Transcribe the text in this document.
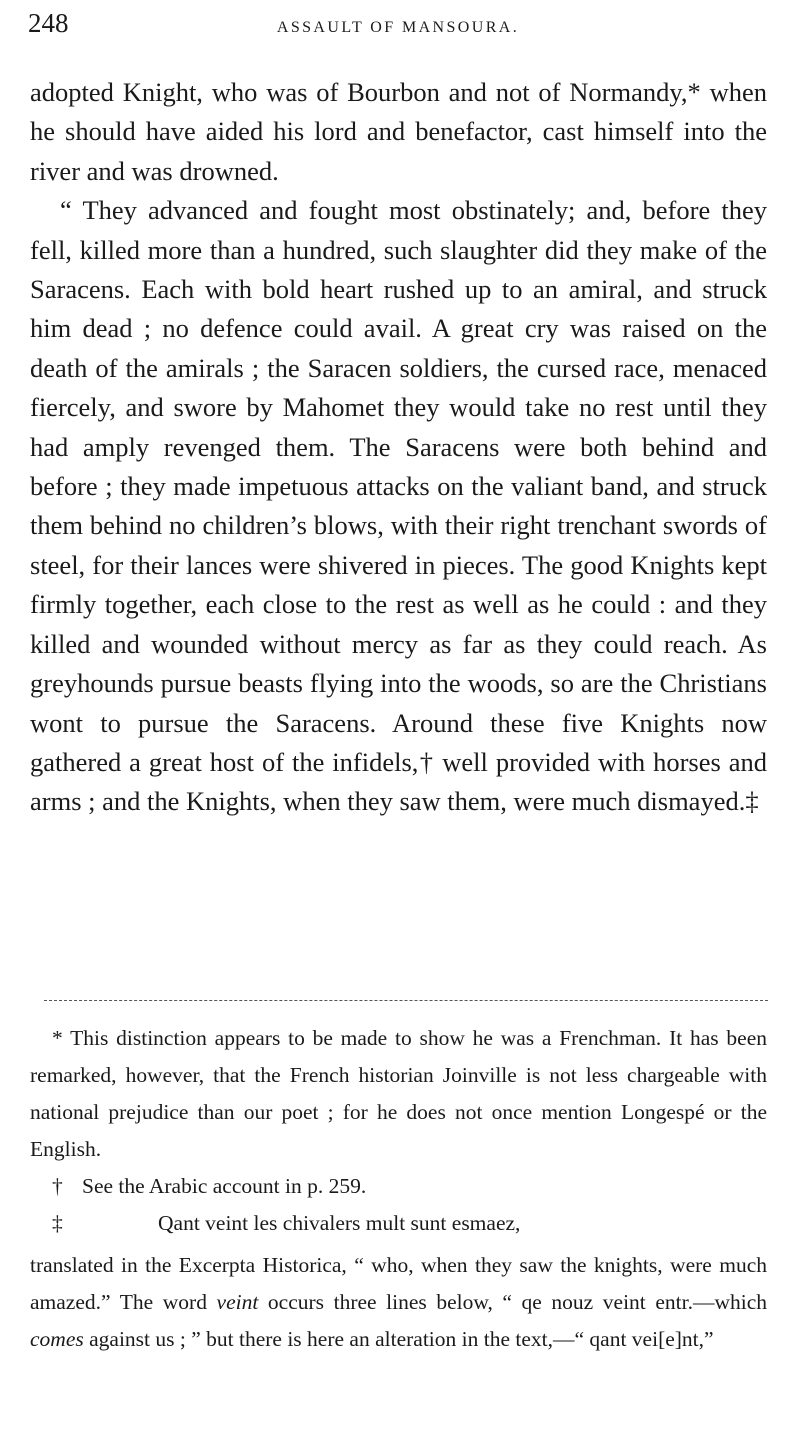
248	ASSAULT OF MANSOURA.

adopted Knight, who was of Bourbon and not of Normandy,* when he should have aided his lord and benefactor, cast himself into the river and was drowned.

“ They advanced and fought most obstinately; and, before they fell, killed more than a hundred, such slaughter did they make of the Saracens. Each with bold heart rushed up to an amiral, and struck him dead ; no defence could avail. A great cry was raised on the death of the amirals ; the Saracen soldiers, the cursed race, menaced fiercely, and swore by Mahomet they would take no rest until they had amply revenged them. The Saracens were both behind and before ; they made impetuous attacks on the valiant band, and struck them behind no children’s blows, with their right trenchant swords of steel, for their lances were shivered in pieces. The good Knights kept firmly together, each close to the rest as well as he could : and they killed and wounded without mercy as far as they could reach. As greyhounds pursue beasts flying into the woods, so are the Christians wont to pursue the Saracens. Around these five Knights now gathered a great host of the infidels,† well provided with horses and arms ; and the Knights, when they saw them, were much dismayed.‡

* This distinction appears to be made to show he was a Frenchman. It has been remarked, however, that the French historian Joinville is not less chargeable with national prejudice than our poet ; for he does not once mention Longespé or the English.

† See the Arabic account in p. 259.
‡	Qant veint les chivalers mult sunt esmaez,

translated in the Excerpta Historica, “ who, when they saw the knights, were much amazed.” The word veint occurs three lines below, “ qe nouz veint entr.—which comes against us ; ” but there is here an alteration in the text,—“ qant vei[e]nt,”
